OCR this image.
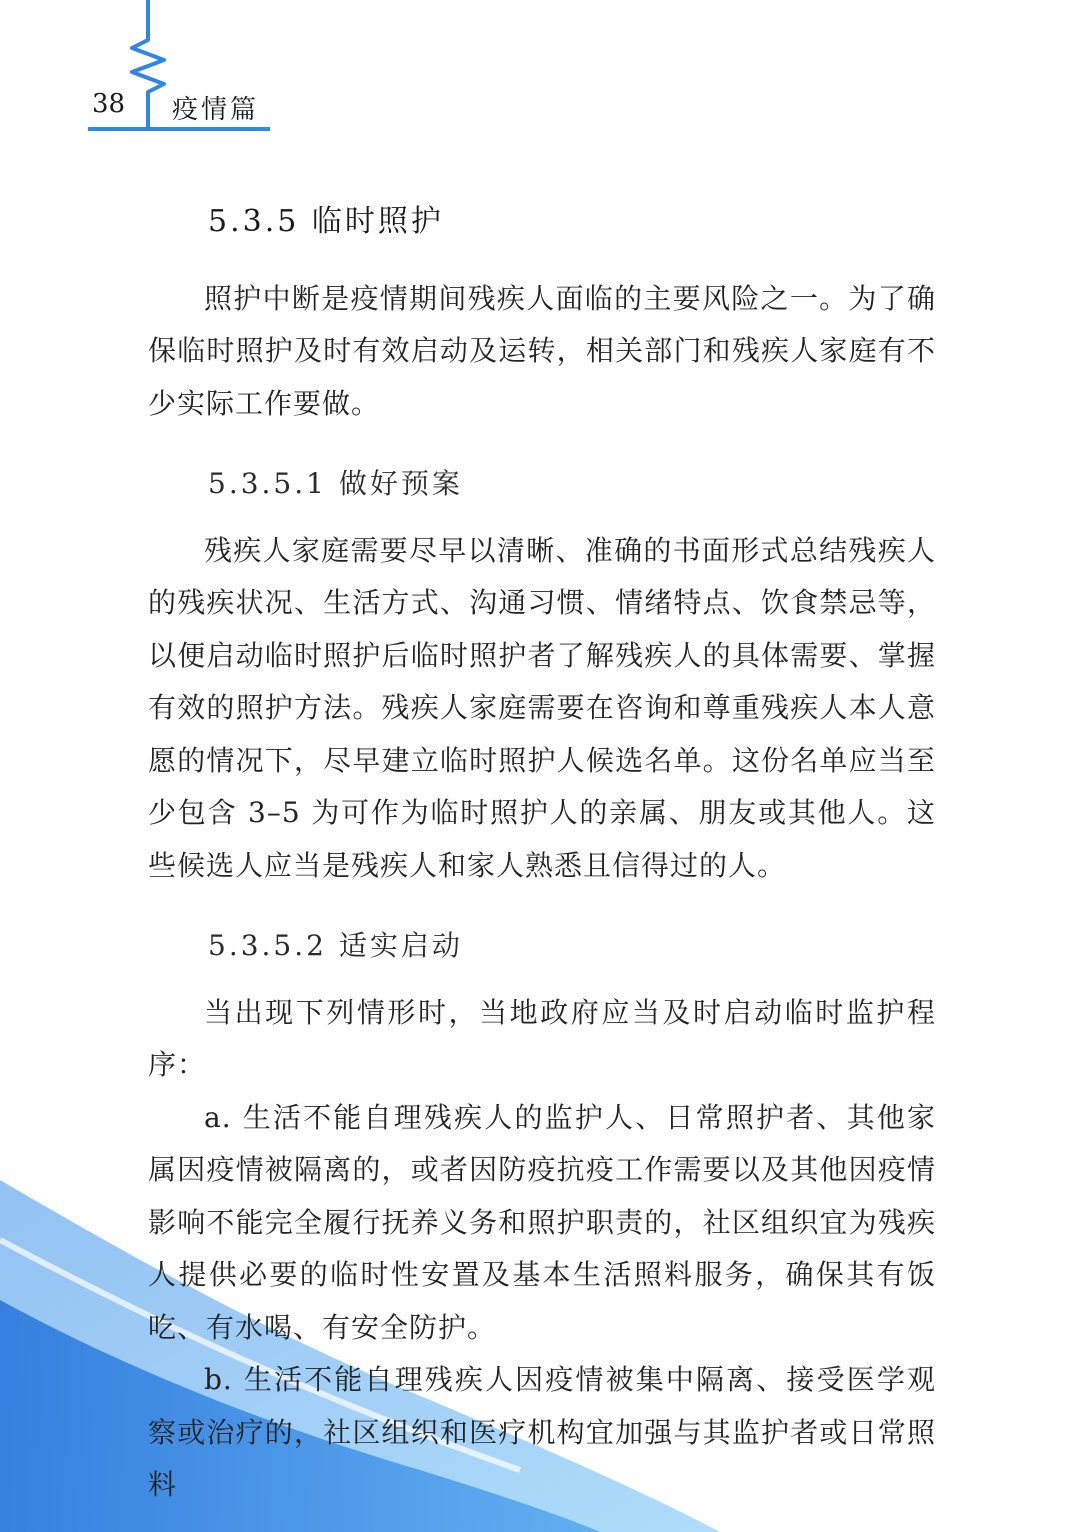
38 疫情篇
5.3.5 临时照护

照护中断是疫情期间残疾人面临的主要风险之一。为了确保临时照护及时有效启动及运转，相关部门和残疾人家庭有不少实际工作要做。

5.3.5.1 做好预案

残疾人家庭需要尽早以清晰、准确的书面形式总结残疾人的残疾状况、生活方式、沟通习惯、情绪特点、饮食禁忌等，以便启动临时照护后临时照护者了解残疾人的具体需要、掌握有效的照护方法。残疾人家庭需要在咨询和尊重残疾人本人意愿的情况下，尽早建立临时照护人候选名单。这份名单应当至少包含 3–5 为可作为临时照护人的亲属、朋友或其他人。这些候选人应当是残疾人和家人熟悉且信得过的人。

5.3.5.2 适实启动

当出现下列情形时，当地政府应当及时启动临时监护程序：

a. 生活不能自理残疾人的监护人、日常照护者、其他家属因疫情被隔离的，或者因防疫抗疫工作需要以及其他因疫情影响不能完全履行抚养义务和照护职责的，社区组织宜为残疾人提供必要的临时性安置及基本生活照料服务，确保其有饭吃、有水喝、有安全防护。

b. 生活不能自理残疾人因疫情被集中隔离、接受医学观察或治疗的，社区组织和医疗机构宜加强与其监护者或日常照料
